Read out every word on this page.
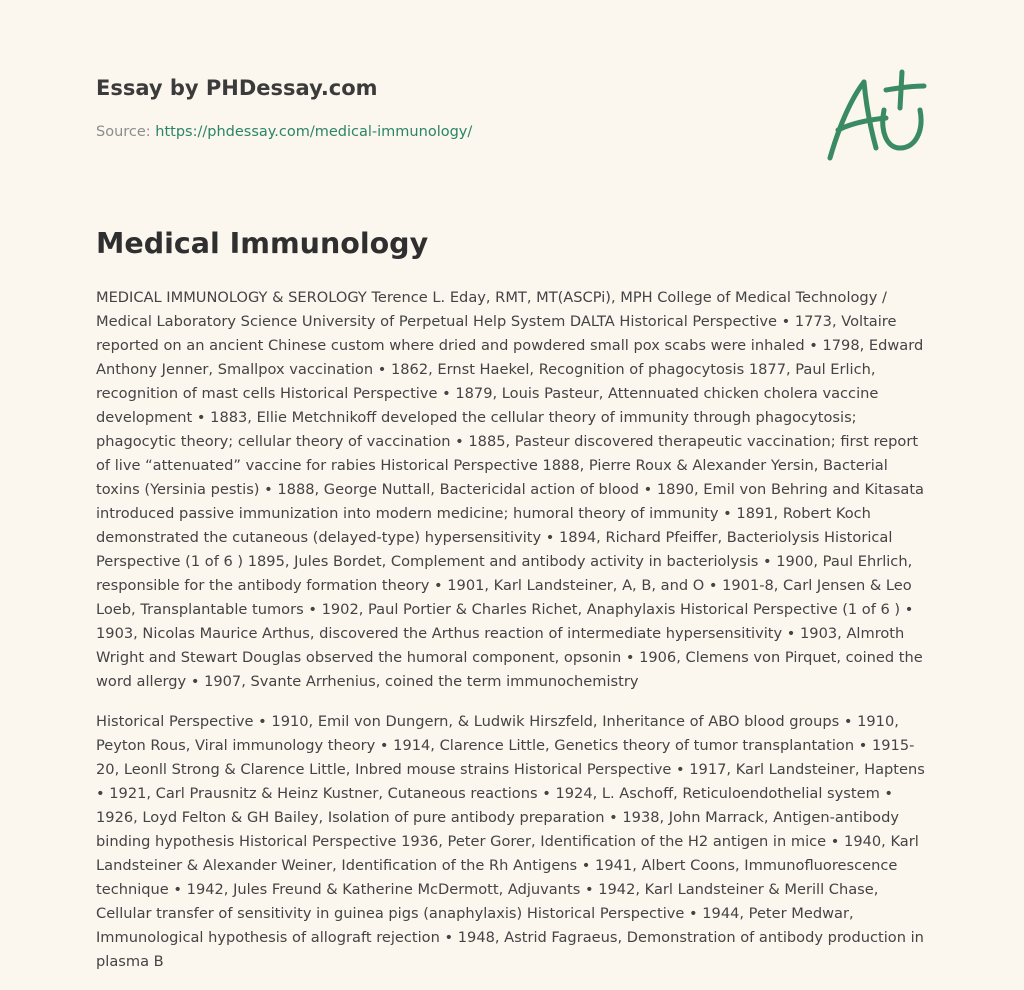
Essay by PHDessay.com
Source: https://phdessay.com/medical-immunology/
Medical Immunology

MEDICAL IMMUNOLOGY & SEROLOGY Terence L. Eday, RMT, MT(ASCPi), MPH College of Medical Technology / Medical Laboratory Science University of Perpetual Help System DALTA Historical Perspective • 1773, Voltaire reported on an ancient Chinese custom where dried and powdered small pox scabs were inhaled • 1798, Edward Anthony Jenner, Smallpox vaccination • 1862, Ernst Haekel, Recognition of phagocytosis 1877, Paul Erlich, recognition of mast cells Historical Perspective • 1879, Louis Pasteur, Attennuated chicken cholera vaccine development • 1883, Ellie Metchnikoff developed the cellular theory of immunity through phagocytosis; phagocytic theory; cellular theory of vaccination • 1885, Pasteur discovered therapeutic vaccination; first report of live “attenuated” vaccine for rabies Historical Perspective 1888, Pierre Roux & Alexander Yersin, Bacterial toxins (Yersinia pestis) • 1888, George Nuttall, Bactericidal action of blood • 1890, Emil von Behring and Kitasata introduced passive immunization into modern medicine; humoral theory of immunity • 1891, Robert Koch demonstrated the cutaneous (delayed-type) hypersensitivity • 1894, Richard Pfeiffer, Bacteriolysis Historical Perspective (1 of 6 ) 1895, Jules Bordet, Complement and antibody activity in bacteriolysis • 1900, Paul Ehrlich, responsible for the antibody formation theory • 1901, Karl Landsteiner, A, B, and O • 1901-8, Carl Jensen & Leo Loeb, Transplantable tumors • 1902, Paul Portier & Charles Richet, Anaphylaxis Historical Perspective (1 of 6 ) • 1903, Nicolas Maurice Arthus, discovered the Arthus reaction of intermediate hypersensitivity • 1903, Almroth Wright and Stewart Douglas observed the humoral component, opsonin • 1906, Clemens von Pirquet, coined the word allergy • 1907, Svante Arrhenius, coined the term immunochemistry

Historical Perspective • 1910, Emil von Dungern, & Ludwik Hirszfeld, Inheritance of ABO blood groups • 1910, Peyton Rous, Viral immunology theory • 1914, Clarence Little, Genetics theory of tumor transplantation • 1915-20, Leonll Strong & Clarence Little, Inbred mouse strains Historical Perspective • 1917, Karl Landsteiner, Haptens • 1921, Carl Prausnitz & Heinz Kustner, Cutaneous reactions • 1924, L. Aschoff, Reticuloendothelial system • 1926, Loyd Felton & GH Bailey, Isolation of pure antibody preparation • 1938, John Marrack, Antigen-antibody binding hypothesis Historical Perspective 1936, Peter Gorer, Identification of the H2 antigen in mice • 1940, Karl Landsteiner & Alexander Weiner, Identification of the Rh Antigens • 1941, Albert Coons, Immunofluorescence technique • 1942, Jules Freund & Katherine McDermott, Adjuvants • 1942, Karl Landsteiner & Merill Chase, Cellular transfer of sensitivity in guinea pigs (anaphylaxis) Historical Perspective • 1944, Peter Medwar, Immunological hypothesis of allograft rejection • 1948, Astrid Fagraeus, Demonstration of antibody production in plasma B
